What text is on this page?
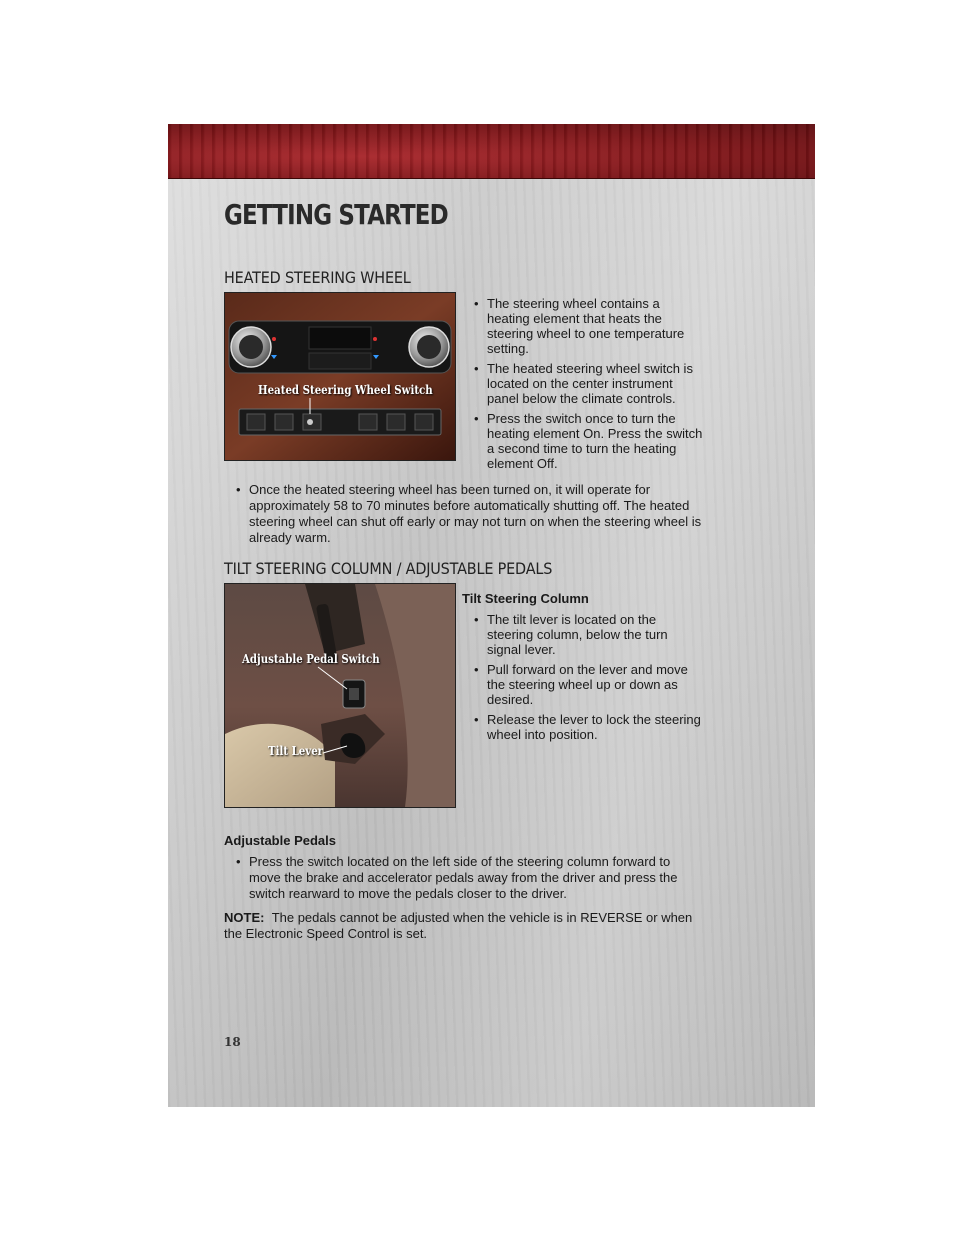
GETTING STARTED
HEATED STEERING WHEEL
Heated Steering Wheel Switch
• The steering wheel contains a heating element that heats the steering wheel to one temperature setting.
• The heated steering wheel switch is located on the center instrument panel below the climate controls.
• Press the switch once to turn the heating element On. Press the switch a second time to turn the heating element Off.
• Once the heated steering wheel has been turned on, it will operate for approximately 58 to 70 minutes before automatically shutting off. The heated steering wheel can shut off early or may not turn on when the steering wheel is already warm.
TILT STEERING COLUMN / ADJUSTABLE PEDALS
Adjustable Pedal Switch
Tilt Lever
Tilt Steering Column
• The tilt lever is located on the steering column, below the turn signal lever.
• Pull forward on the lever and move the steering wheel up or down as desired.
• Release the lever to lock the steering wheel into position.
Adjustable Pedals
• Press the switch located on the left side of the steering column forward to move the brake and accelerator pedals away from the driver and press the switch rearward to move the pedals closer to the driver.

NOTE: The pedals cannot be adjusted when the vehicle is in REVERSE or when the Electronic Speed Control is set.

18
